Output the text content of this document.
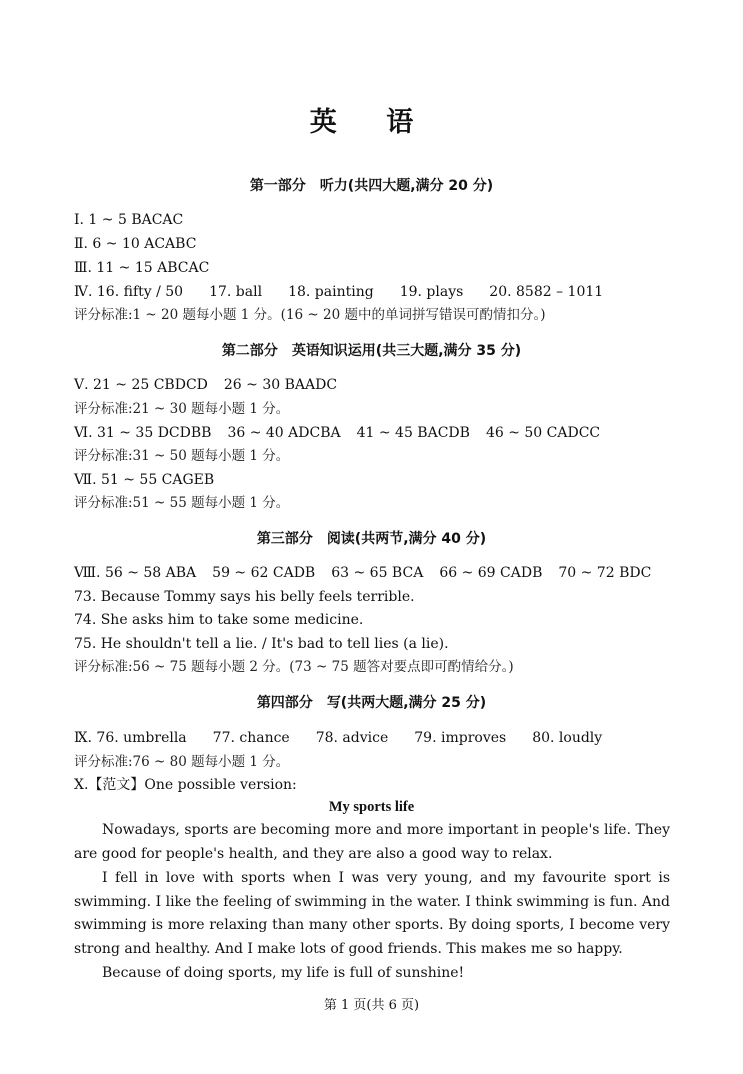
英 语
第一部分 听力(共四大题,满分 20 分)
Ⅰ. 1 ~ 5 BACAC
Ⅱ. 6 ~ 10 ACABC
Ⅲ. 11 ~ 15 ABCAC
Ⅳ. 16. fifty / 50 17. ball 18. painting 19. plays 20. 8582 – 1011
评分标准:1 ~ 20 题每小题 1 分。(16 ~ 20 题中的单词拼写错误可酌情扣分。)
第二部分 英语知识运用(共三大题,满分 35 分)
Ⅴ. 21 ~ 25 CBDCD 26 ~ 30 BAADC
评分标准:21 ~ 30 题每小题 1 分。
Ⅵ. 31 ~ 35 DCDBB 36 ~ 40 ADCBA 41 ~ 45 BACDB 46 ~ 50 CADCC
评分标准:31 ~ 50 题每小题 1 分。
Ⅶ. 51 ~ 55 CAGEB
评分标准:51 ~ 55 题每小题 1 分。
第三部分 阅读(共两节,满分 40 分)
Ⅷ. 56 ~ 58 ABA 59 ~ 62 CADB 63 ~ 65 BCA 66 ~ 69 CADB 70 ~ 72 BDC
73. Because Tommy says his belly feels terrible.
74. She asks him to take some medicine.
75. He shouldn't tell a lie. / It's bad to tell lies (a lie).
评分标准:56 ~ 75 题每小题 2 分。(73 ~ 75 题答对要点即可酌情给分。)
第四部分 写(共两大题,满分 25 分)
Ⅸ. 76. umbrella 77. chance 78. advice 79. improves 80. loudly
评分标准:76 ~ 80 题每小题 1 分。
Ⅹ.【范文】One possible version:
My sports life
Nowadays, sports are becoming more and more important in people's life. They are good for people's health, and they are also a good way to relax.
I fell in love with sports when I was very young, and my favourite sport is swimming. I like the feeling of swimming in the water. I think swimming is fun. And swimming is more relaxing than many other sports. By doing sports, I become very strong and healthy. And I make lots of good friends. This makes me so happy.
Because of doing sports, my life is full of sunshine!
第 1 页(共 6 页)
